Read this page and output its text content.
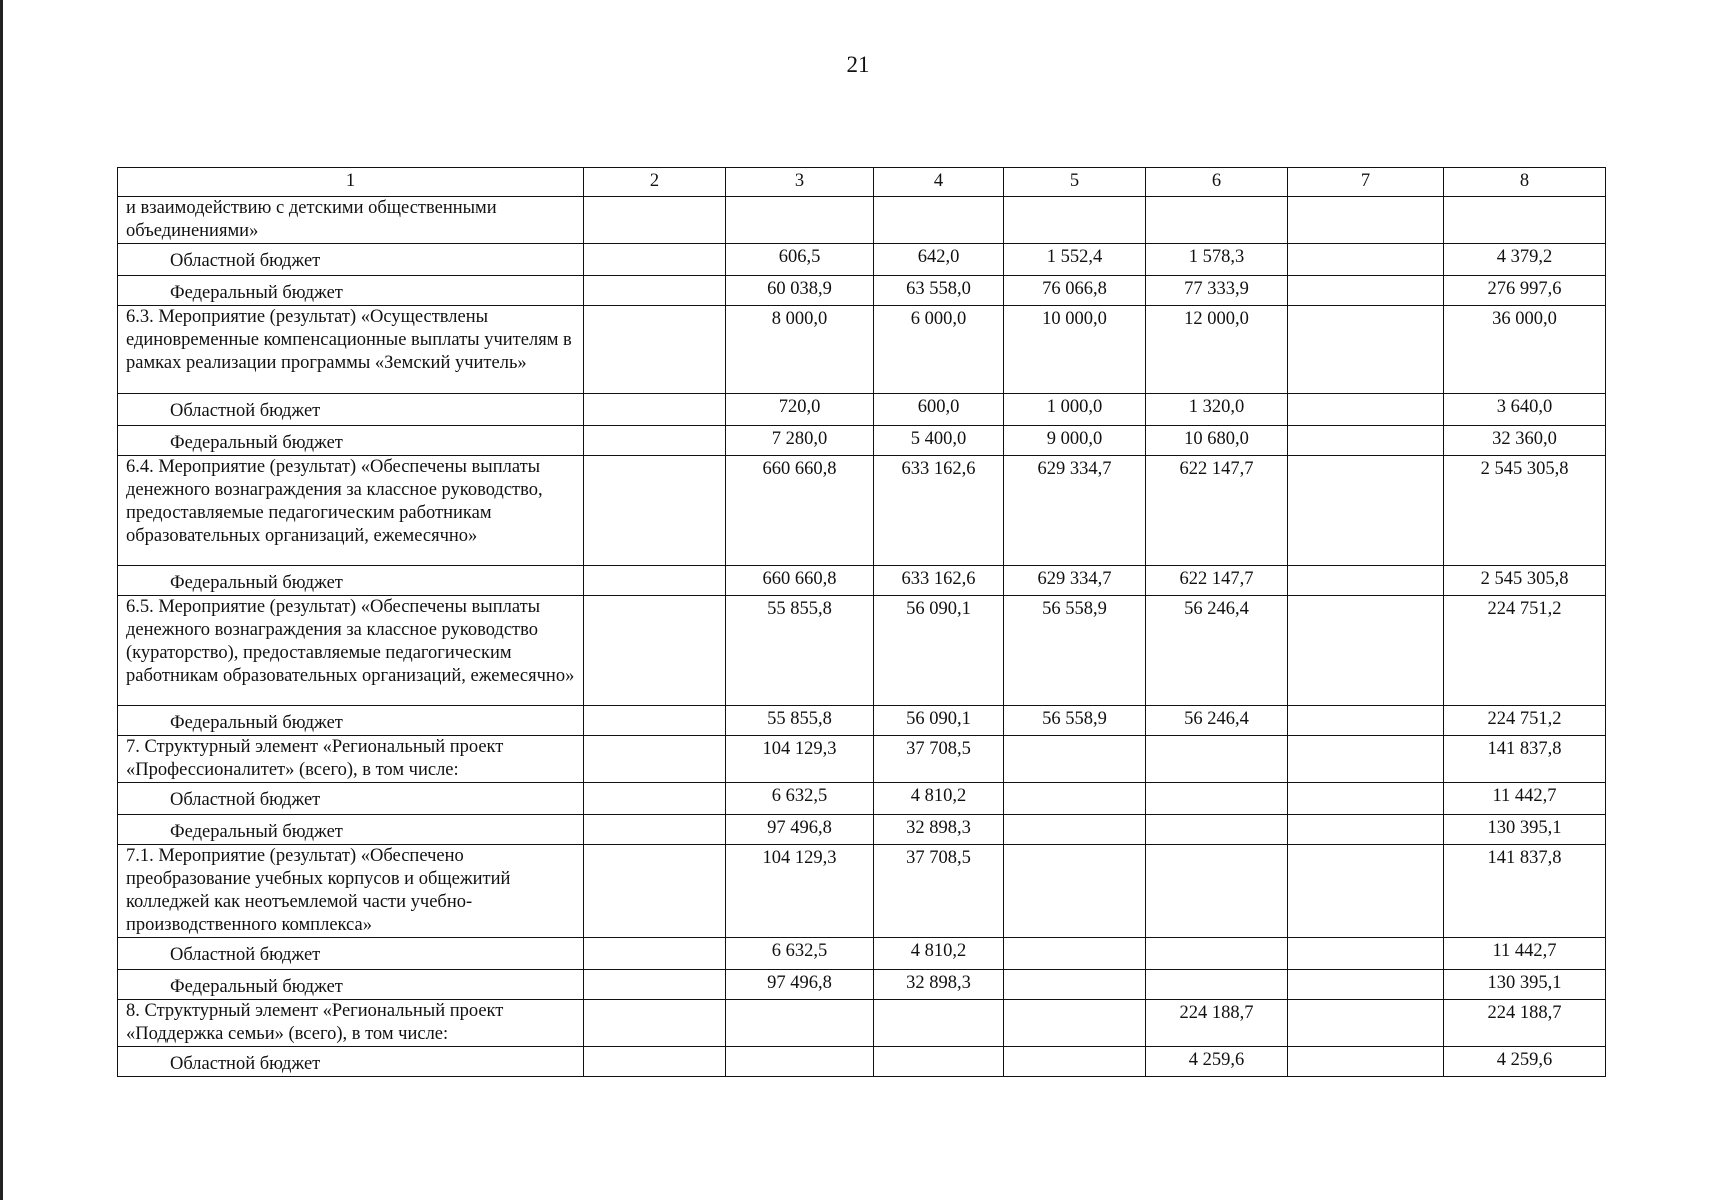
21
1	2	3	4	5	6	7	8
и взаимодействию с детскими общественными объединениями»							
Областной бюджет		606,5	642,0	1 552,4	1 578,3		4 379,2
Федеральный бюджет		60 038,9	63 558,0	76 066,8	77 333,9		276 997,6
6.3. Мероприятие (результат) «Осуществлены единовременные компенсационные выплаты учителям в рамках реализации программы «Земский учитель»		8 000,0	6 000,0	10 000,0	12 000,0		36 000,0
Областной бюджет		720,0	600,0	1 000,0	1 320,0		3 640,0
Федеральный бюджет		7 280,0	5 400,0	9 000,0	10 680,0		32 360,0
6.4. Мероприятие (результат) «Обеспечены выплаты денежного вознаграждения за классное руководство, предоставляемые педагогическим работникам образовательных организаций, ежемесячно»		660 660,8	633 162,6	629 334,7	622 147,7		2 545 305,8
Федеральный бюджет		660 660,8	633 162,6	629 334,7	622 147,7		2 545 305,8
6.5. Мероприятие (результат) «Обеспечены выплаты денежного вознаграждения за классное руководство (кураторство), предоставляемые педагогическим работникам образовательных организаций, ежемесячно»		55 855,8	56 090,1	56 558,9	56 246,4		224 751,2
Федеральный бюджет		55 855,8	56 090,1	56 558,9	56 246,4		224 751,2
7. Структурный элемент «Региональный проект «Профессионалитет» (всего), в том числе:		104 129,3	37 708,5				141 837,8
Областной бюджет		6 632,5	4 810,2				11 442,7
Федеральный бюджет		97 496,8	32 898,3				130 395,1
7.1. Мероприятие (результат) «Обеспечено преобразование учебных корпусов и общежитий колледжей как неотъемлемой части учебно-производственного комплекса»		104 129,3	37 708,5				141 837,8
Областной бюджет		6 632,5	4 810,2				11 442,7
Федеральный бюджет		97 496,8	32 898,3				130 395,1
8. Структурный элемент «Региональный проект «Поддержка семьи» (всего), в том числе:					224 188,7		224 188,7
Областной бюджет					4 259,6		4 259,6
